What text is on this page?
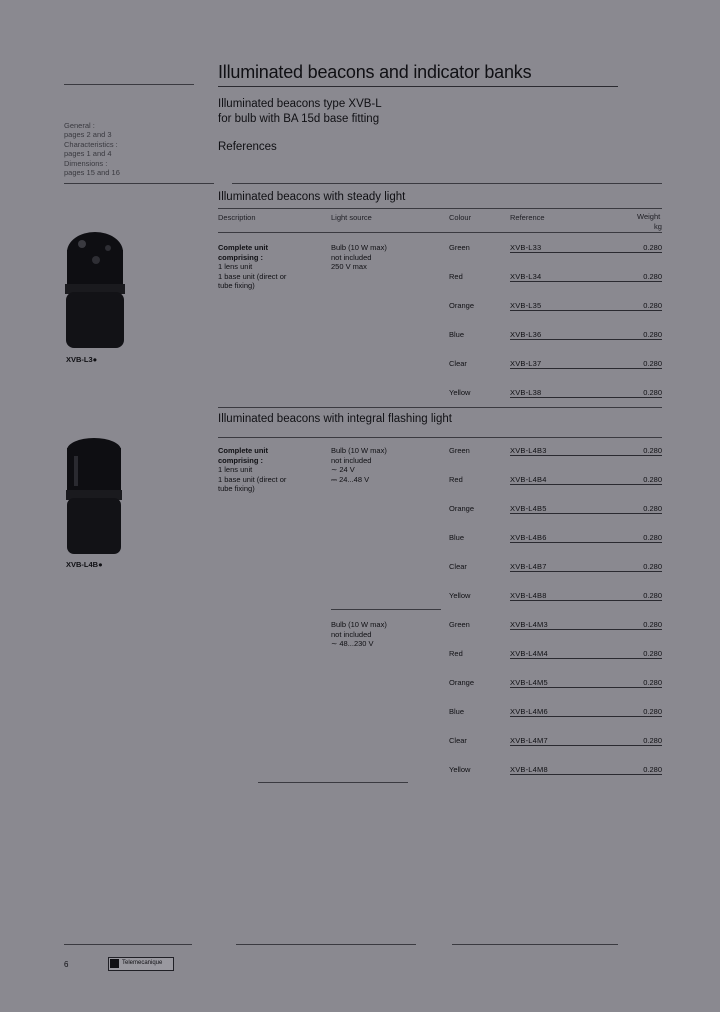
Illuminated beacons and indicator banks
Illuminated beacons type XVB-L
for bulb with BA 15d base fitting
References
General :
pages 2 and 3
Characteristics :
pages 1 and 4
Dimensions :
pages 15 and 16
Illuminated beacons with steady light
Description	Light source	Colour	Reference	Weight
kg
XVB-L3●
Complete unit
comprising :
1 lens unit
1 base unit (direct or
tube fixing)
Bulb (10 W max)
not included
250 V max
Green	XVB-L33	0.280
Red	XVB-L34	0.280
Orange	XVB-L35	0.280
Blue	XVB-L36	0.280
Clear	XVB-L37	0.280
Yellow	XVB-L38	0.280
Illuminated beacons with integral flashing light
XVB-L4B●
Complete unit
comprising :
1 lens unit
1 base unit (direct or
tube fixing)
Bulb (10 W max)
not included
∼ 24 V
⎓ 24...48 V
Green	XVB-L4B3	0.280
Red	XVB-L4B4	0.280
Orange	XVB-L4B5	0.280
Blue	XVB-L4B6	0.280
Clear	XVB-L4B7	0.280
Yellow	XVB-L4B8	0.280
Bulb (10 W max)
not included
∼ 48...230 V
Green	XVB-L4M3	0.280
Red	XVB-L4M4	0.280
Orange	XVB-L4M5	0.280
Blue	XVB-L4M6	0.280
Clear	XVB-L4M7	0.280
Yellow	XVB-L4M8	0.280
6	Telemecanique
